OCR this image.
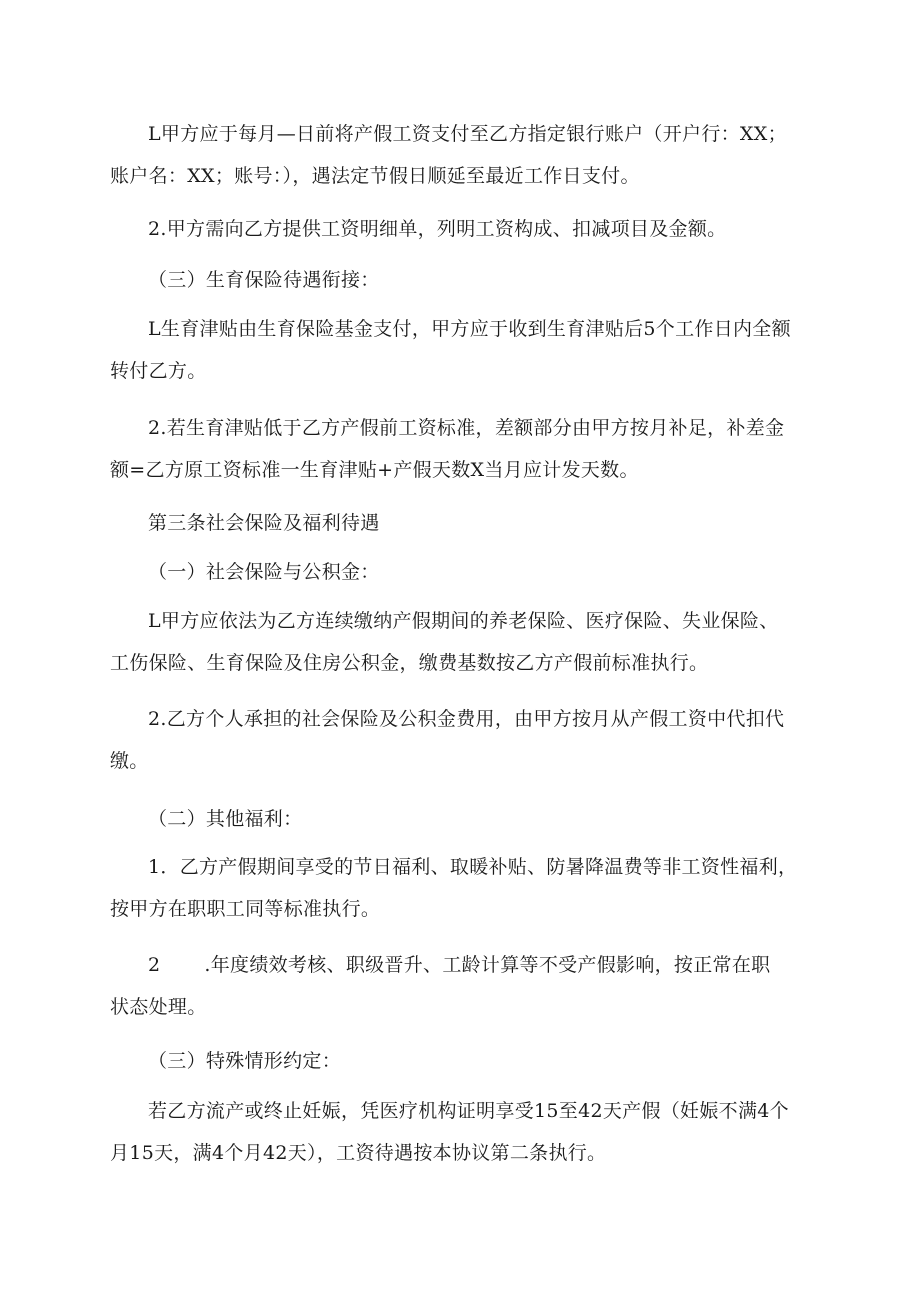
L甲方应于每月—日前将产假工资支付至乙方指定银行账户（开户行：XX；
账户名：XX；账号：），遇法定节假日顺延至最近工作日支付。
2.甲方需向乙方提供工资明细单，列明工资构成、扣减项目及金额。
（三）生育保险待遇衔接：
L生育津贴由生育保险基金支付，甲方应于收到生育津贴后5个工作日内全额
转付乙方。
2.若生育津贴低于乙方产假前工资标准，差额部分由甲方按月补足，补差金
额=乙方原工资标准一生育津贴+产假天数X当月应计发天数。
第三条社会保险及福利待遇
（一）社会保险与公积金：
L甲方应依法为乙方连续缴纳产假期间的养老保险、医疗保险、失业保险、
工伤保险、生育保险及住房公积金，缴费基数按乙方产假前标准执行。
2.乙方个人承担的社会保险及公积金费用，由甲方按月从产假工资中代扣代
缴。
（二）其他福利：
1．乙方产假期间享受的节日福利、取暖补贴、防暑降温费等非工资性福利，
按甲方在职职工同等标准执行。
2 .年度绩效考核、职级晋升、工龄计算等不受产假影响，按正常在职
状态处理。
（三）特殊情形约定：
若乙方流产或终止妊娠，凭医疗机构证明享受15至42天产假（妊娠不满4个
月15天，满4个月42天），工资待遇按本协议第二条执行。
